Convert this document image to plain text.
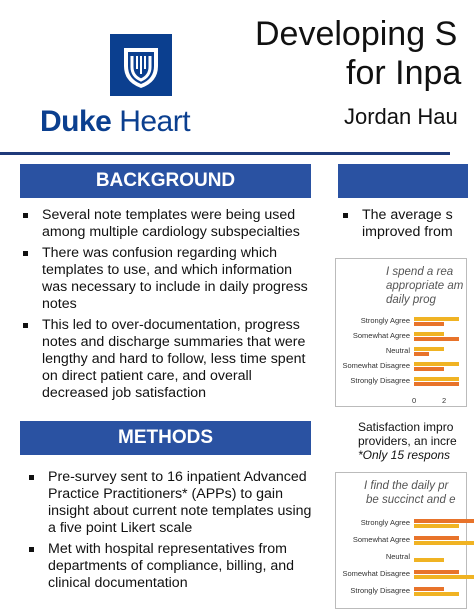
Duke Heart
Developing S
for Inpa
Jordan Hau
BACKGROUND
Several note templates were being used among multiple cardiology subspecialties
There was confusion regarding which templates to use, and which information was necessary to include in daily progress notes
This led to over-documentation, progress notes and discharge summaries that were lengthy and hard to follow, less time spent on direct patient care, and overall decreased job satisfaction
METHODS
Pre-survey sent to 16 inpatient Advanced Practice Practitioners* (APPs) to gain insight about current note templates using a five point Likert scale
Met with hospital representatives from departments of compliance, billing, and clinical documentation
The average s improved from
I spend a rea
appropriate am
daily prog
Strongly Agree
Somewhat Agree
Neutral
Somewhat Disagree
Strongly Disagree
0	2
Satisfaction impro
providers, an incre
*Only 15 respons
I find the daily pr
be succinct and e
Strongly Agree
Somewhat Agree
Neutral
Somewhat Disagree
Strongly Disagree
